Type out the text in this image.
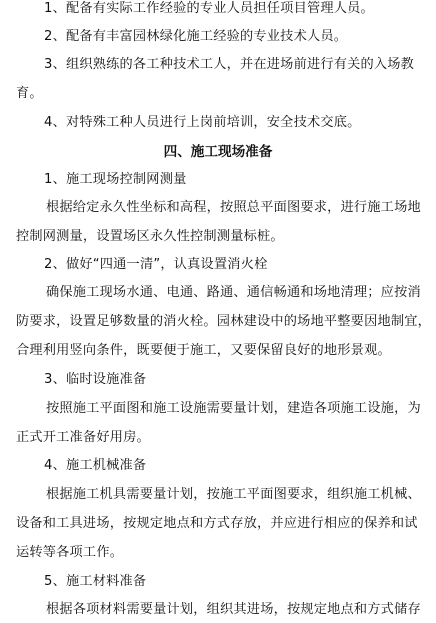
1、配备有实际工作经验的专业人员担任项目管理人员。
2、配备有丰富园林绿化施工经验的专业技术人员。
3、组织熟练的各工种技术工人，并在进场前进行有关的入场教
育。
4、对特殊工种人员进行上岗前培训，安全技术交底。
四、施工现场准备
1、施工现场控制网测量
根据给定永久性坐标和高程，按照总平面图要求，进行施工场地
控制网测量，设置场区永久性控制测量标桩。
2、做好“四通一清”，认真设置消火栓
确保施工现场水通、电通、路通、通信畅通和场地清理；应按消
防要求，设置足够数量的消火栓。园林建设中的场地平整要因地制宜，
合理利用竖向条件，既要便于施工，又要保留良好的地形景观。
3、临时设施准备
按照施工平面图和施工设施需要量计划，建造各项施工设施，为
正式开工准备好用房。
4、施工机械准备
根据施工机具需要量计划，按施工平面图要求，组织施工机械、
设备和工具进场，按规定地点和方式存放，并应进行相应的保养和试
运转等各项工作。
5、施工材料准备
根据各项材料需要量计划，组织其进场，按规定地点和方式储存
